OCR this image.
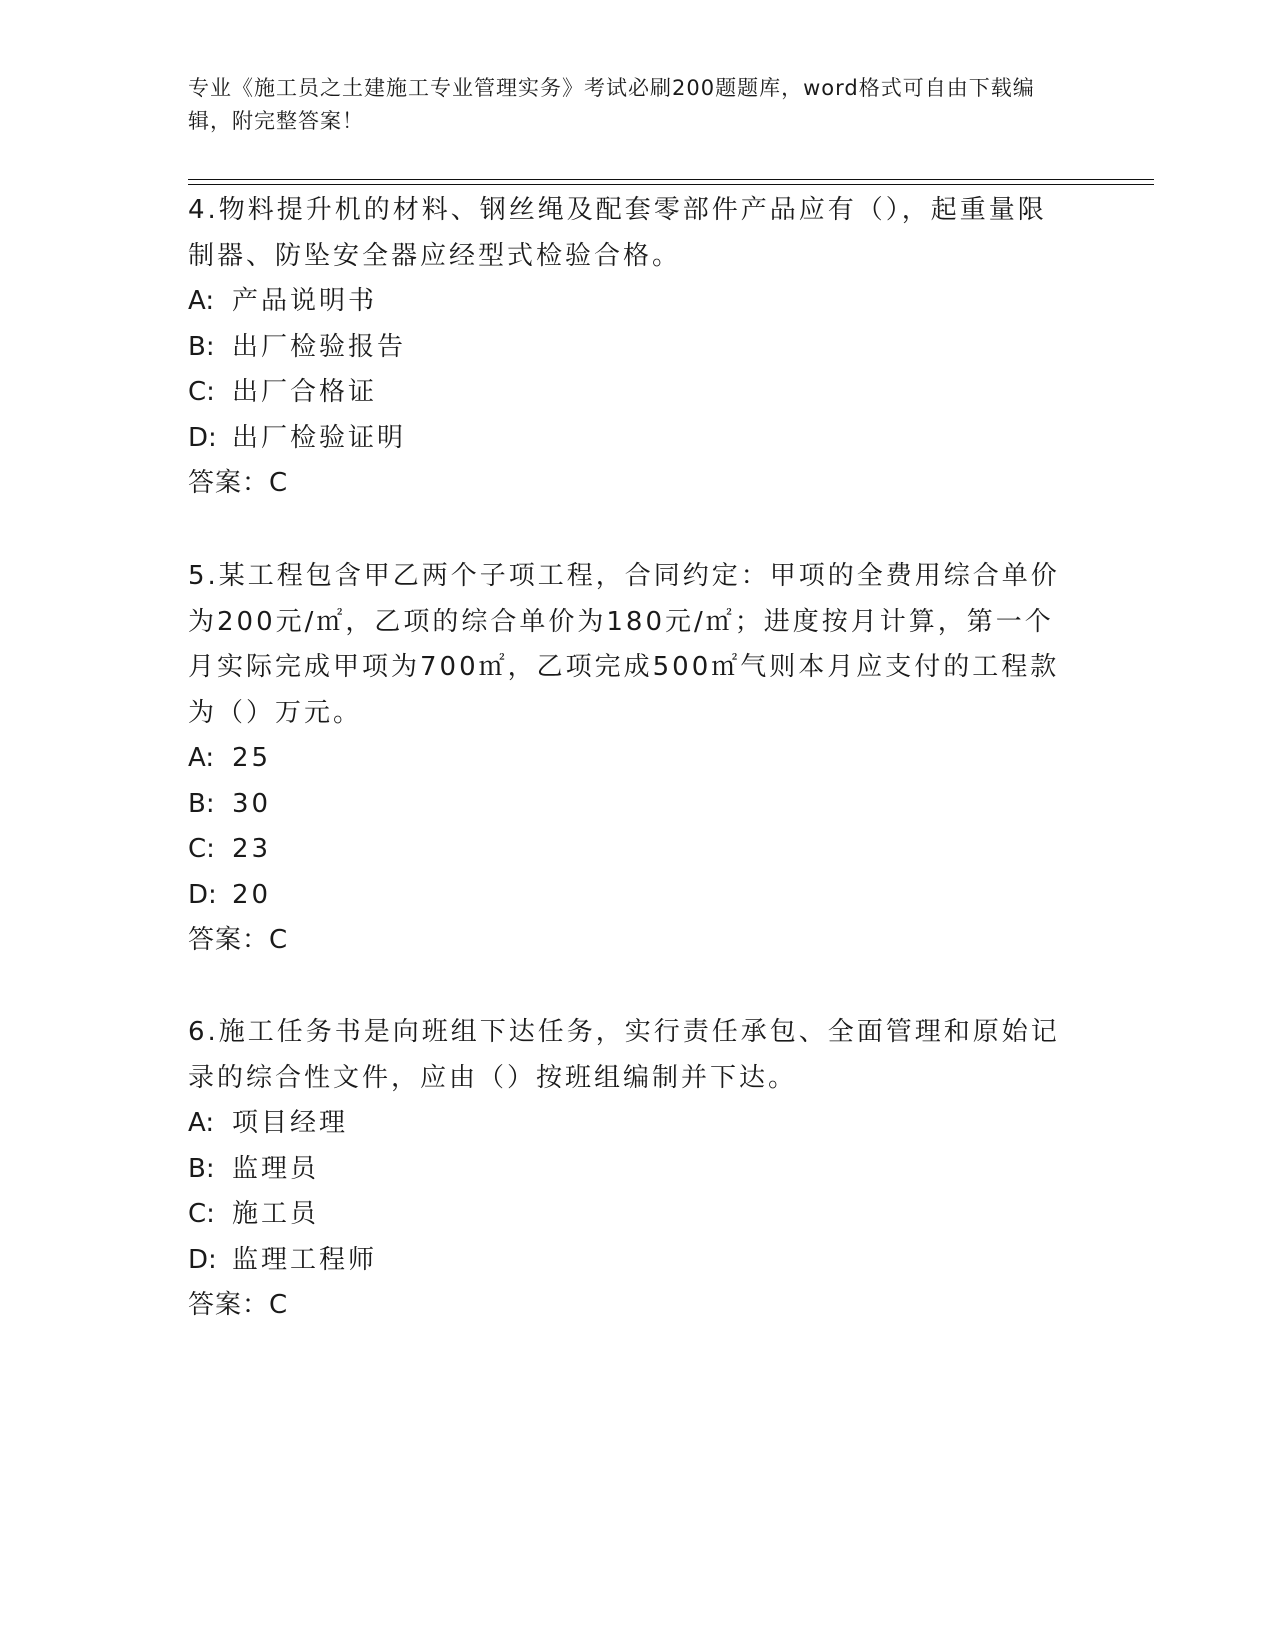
专业《施工员之土建施工专业管理实务》考试必刷200题题库，word格式可自由下载编辑，附完整答案！

4.物料提升机的材料、钢丝绳及配套零部件产品应有（），起重量限制器、防坠安全器应经型式检验合格。

A: 产品说明书

B: 出厂检验报告

C: 出厂合格证

D: 出厂检验证明

答案：C

5.某工程包含甲乙两个子项工程，合同约定：甲项的全费用综合单价为200元/㎡，乙项的综合单价为180元/㎡；进度按月计算，第一个月实际完成甲项为700㎡，乙项完成500㎡气则本月应支付的工程款为（）万元。

A: 25

B: 30

C: 23

D: 20

答案：C

6.施工任务书是向班组下达任务，实行责任承包、全面管理和原始记录的综合性文件，应由（）按班组编制并下达。

A: 项目经理

B: 监理员

C: 施工员

D: 监理工程师

答案：C
